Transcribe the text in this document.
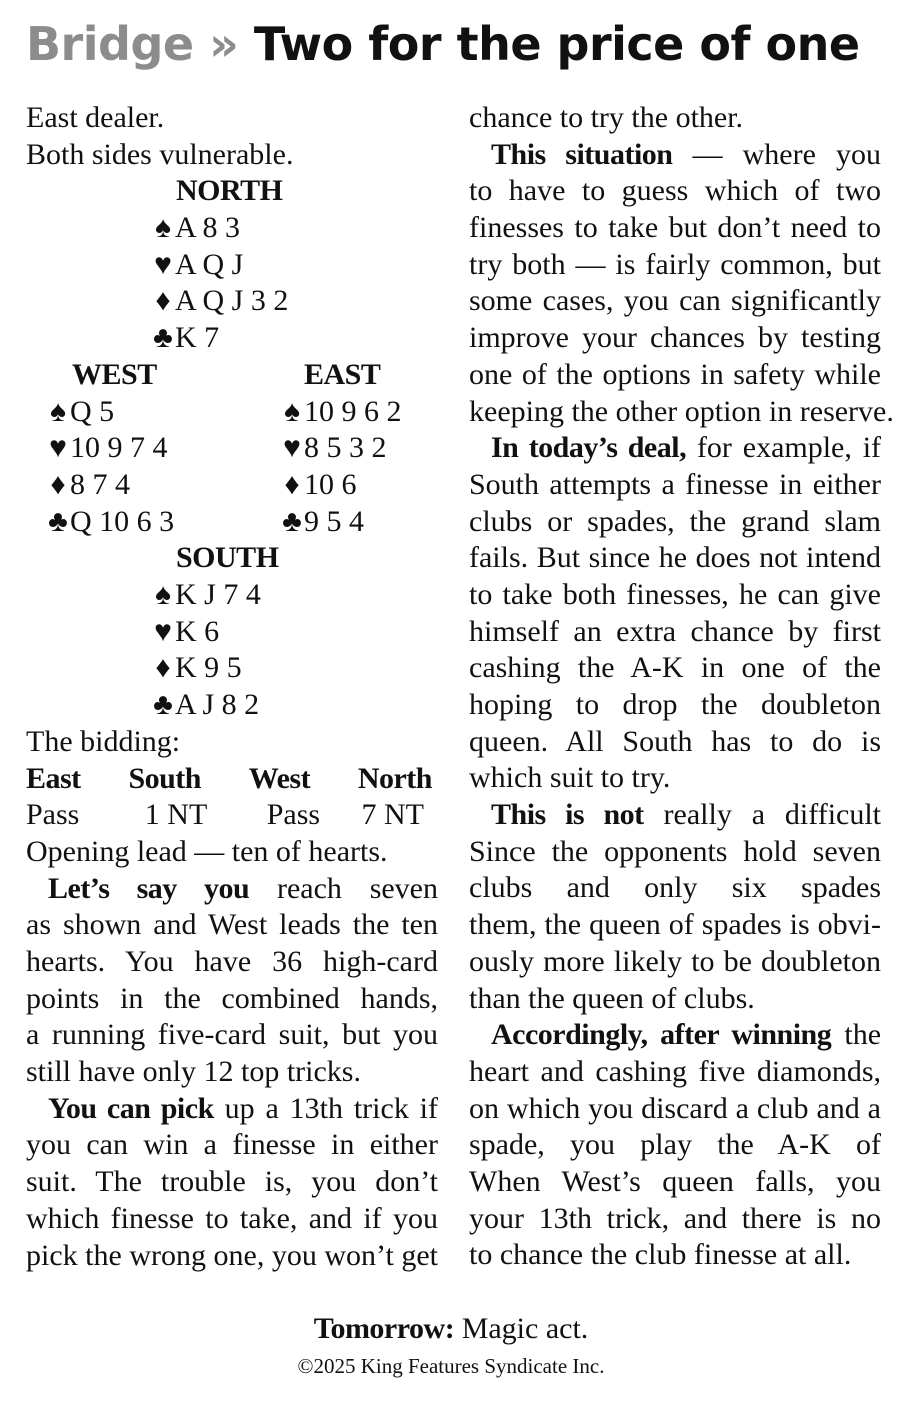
Bridge » Two for the price of one
East dealer.
Both sides vulnerable.
NORTH
♠ A 8 3
♥ A Q J
♦ A Q J 3 2
♣K 7
WEST	EAST
♠ Q 5
♥ 10 9 7 4
♦ 8 7 4
♣Q 10 6 3
♠ 10 9 6 2
♥ 8 5 3 2
♦ 10 6
♣9 5 4
SOUTH
♠ K J 7 4
♥ K 6
♦ K 9 5
♣A J 8 2
The bidding:
East South West North
Pass 1 NT Pass 7 NT
Opening lead — ten of hearts.
Let’s say you reach seven
as shown and West leads the ten
hearts. You have 36 high-card
points in the combined hands,
a running five-card suit, but you
still have only 12 top tricks.
You can pick up a 13th trick if
you can win a finesse in either
suit. The trouble is, you don’t
which finesse to take, and if you
pick the wrong one, you won’t get
chance to try the other.
This situation — where you
to have to guess which of two
finesses to take but don’t need to
try both — is fairly common, but
some cases, you can significantly
improve your chances by testing
one of the options in safety while
keeping the other option in reserve.
In today’s deal, for example, if
South attempts a finesse in either
clubs or spades, the grand slam
fails. But since he does not intend
to take both finesses, he can give
himself an extra chance by first
cashing the A-K in one of the
hoping to drop the doubleton
queen. All South has to do is
which suit to try.
This is not really a difficult
Since the opponents hold seven
clubs and only six spades
them, the queen of spades is obvi-
ously more likely to be doubleton
than the queen of clubs.
Accordingly, after winning the
heart and cashing five diamonds,
on which you discard a club and a
spade, you play the A-K of
When West’s queen falls, you
your 13th trick, and there is no
to chance the club finesse at all.
Tomorrow: Magic act.
©2025 King Features Syndicate Inc.
